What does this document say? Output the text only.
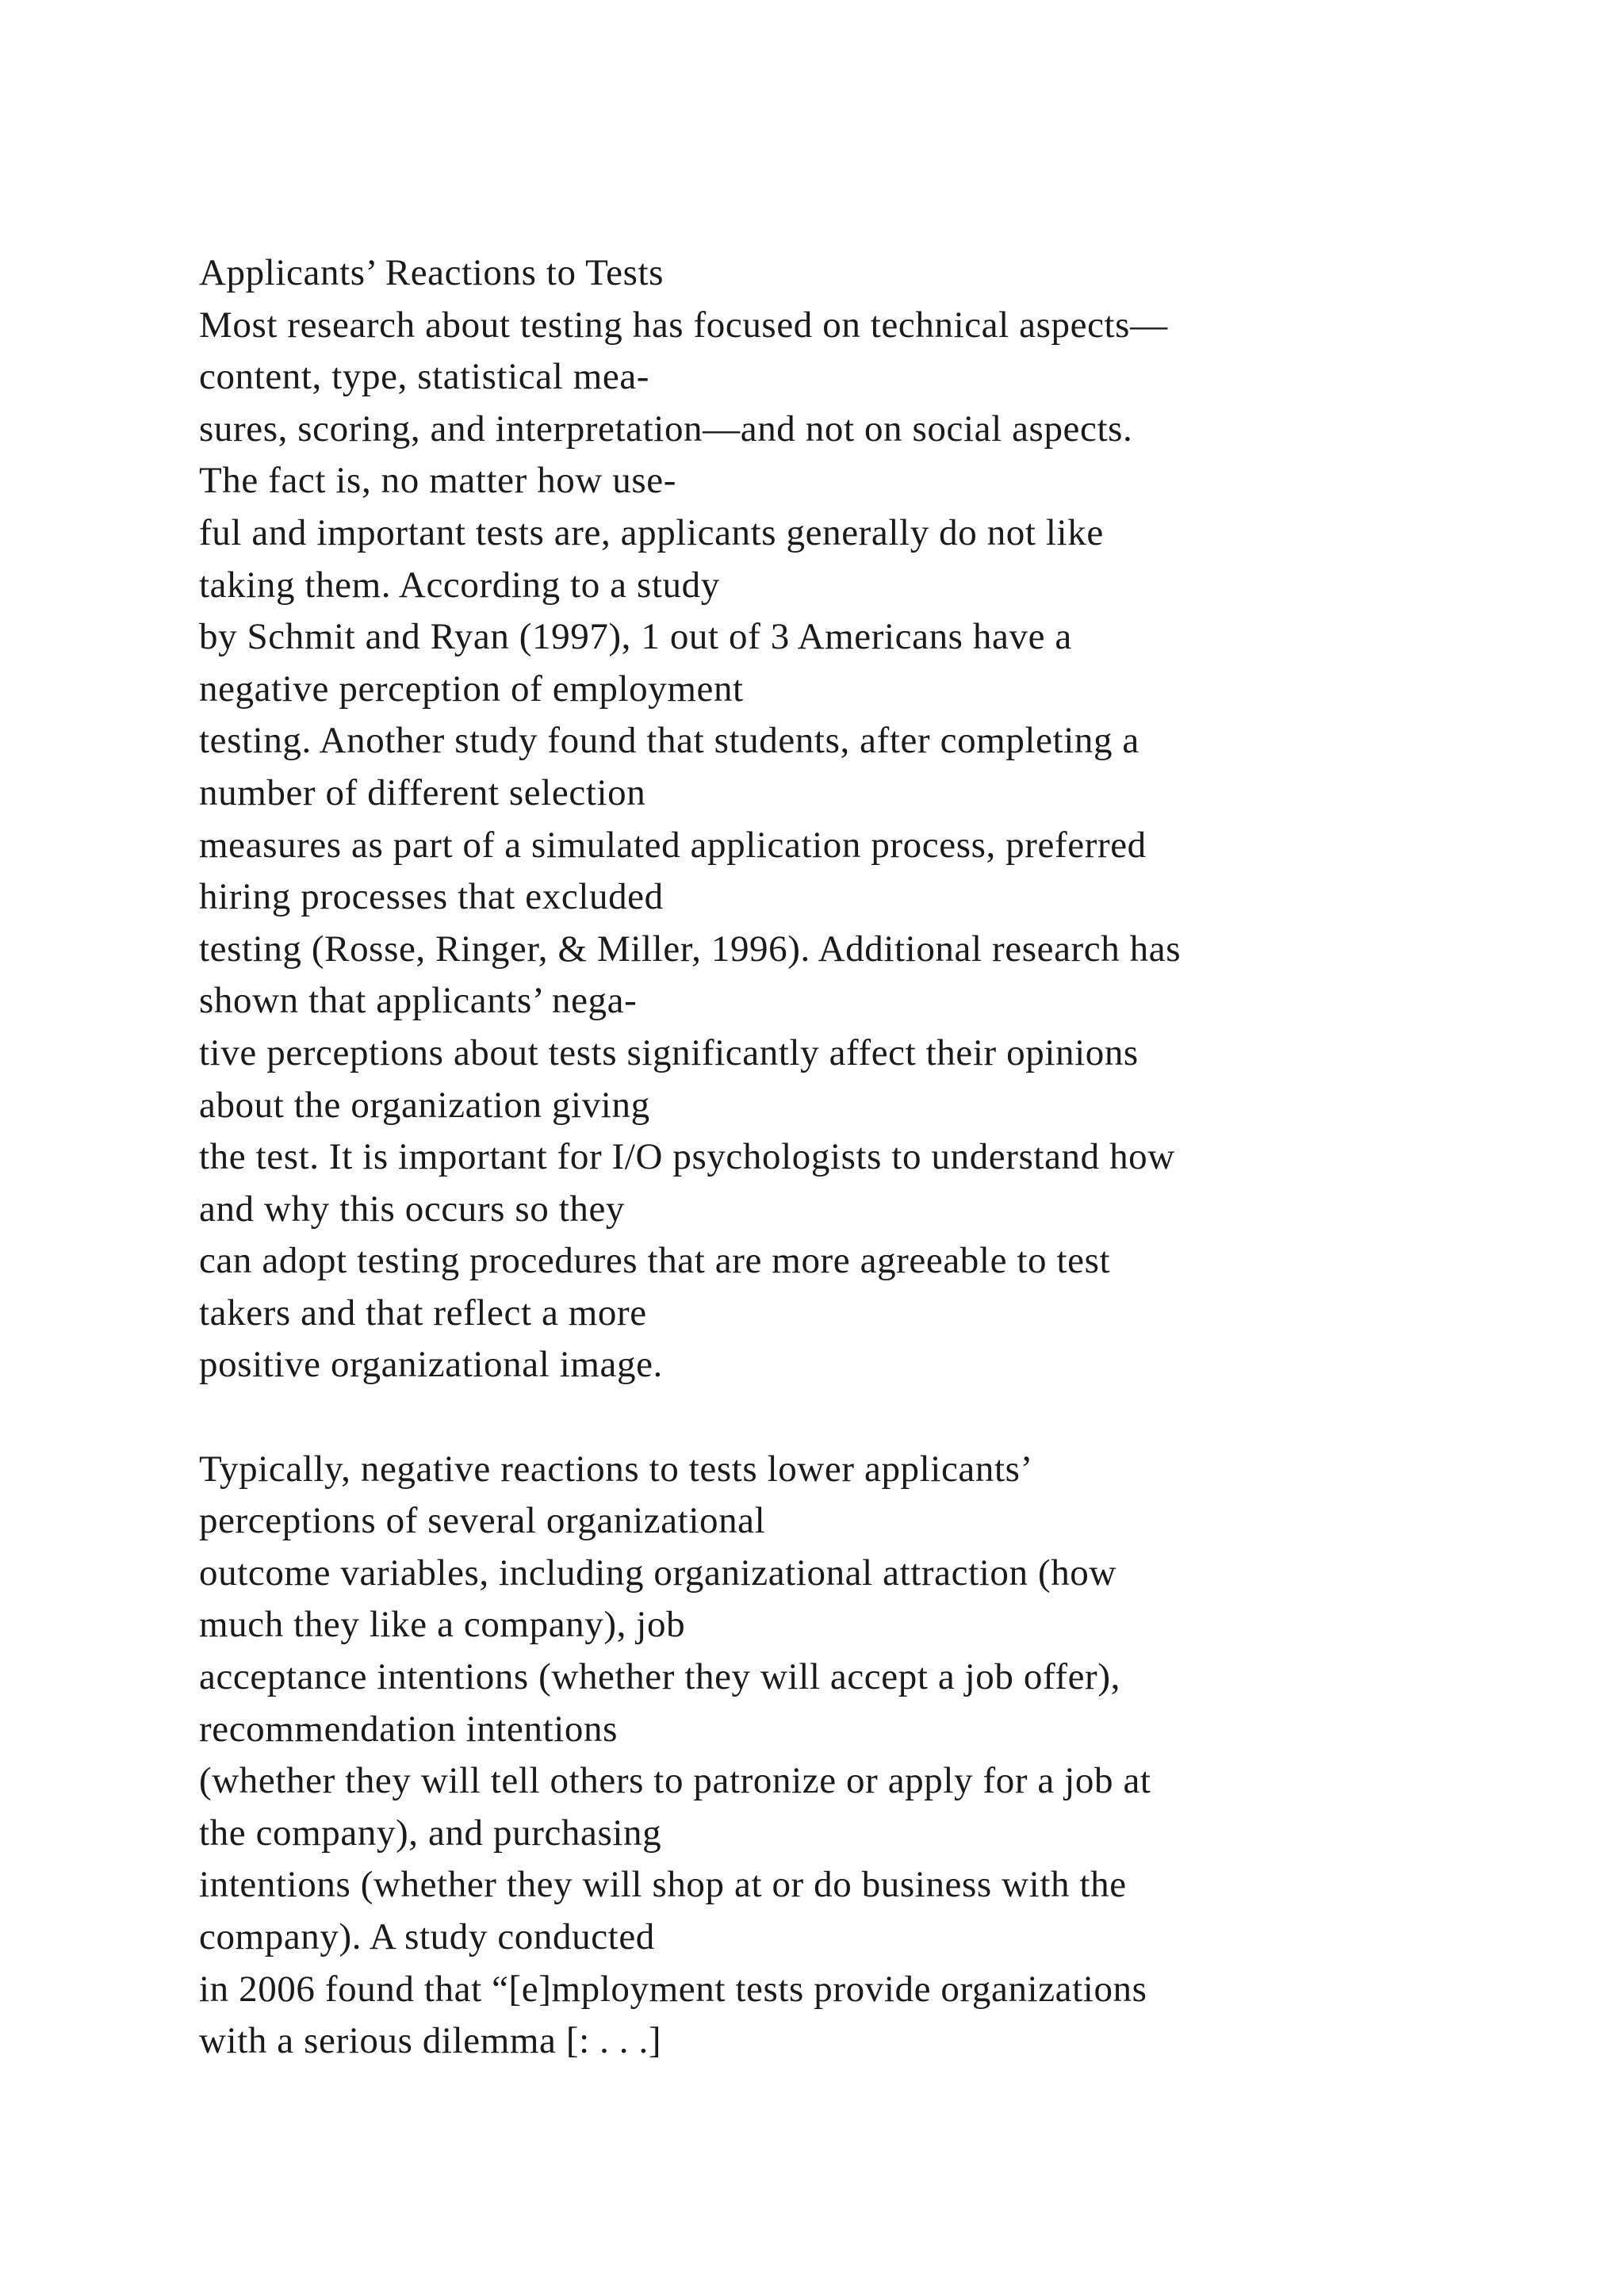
Applicants’ Reactions to Tests
Most research about testing has focused on technical aspects—
content, type, statistical mea-
sures, scoring, and interpretation—and not on social aspects.
The fact is, no matter how use-
ful and important tests are, applicants generally do not like
taking them. According to a study
by Schmit and Ryan (1997), 1 out of 3 Americans have a
negative perception of employment
testing. Another study found that students, after completing a
number of different selection
measures as part of a simulated application process, preferred
hiring processes that excluded
testing (Rosse, Ringer, & Miller, 1996). Additional research has
shown that applicants’ nega-
tive perceptions about tests significantly affect their opinions
about the organization giving
the test. It is important for I/O psychologists to understand how
and why this occurs so they
can adopt testing procedures that are more agreeable to test
takers and that reflect a more
positive organizational image.
Typically, negative reactions to tests lower applicants’
perceptions of several organizational
outcome variables, including organizational attraction (how
much they like a company), job
acceptance intentions (whether they will accept a job offer),
recommendation intentions
(whether they will tell others to patronize or apply for a job at
the company), and purchasing
intentions (whether they will shop at or do business with the
company). A study conducted
in 2006 found that “[e]mployment tests provide organizations
with a serious dilemma [: . . .]
